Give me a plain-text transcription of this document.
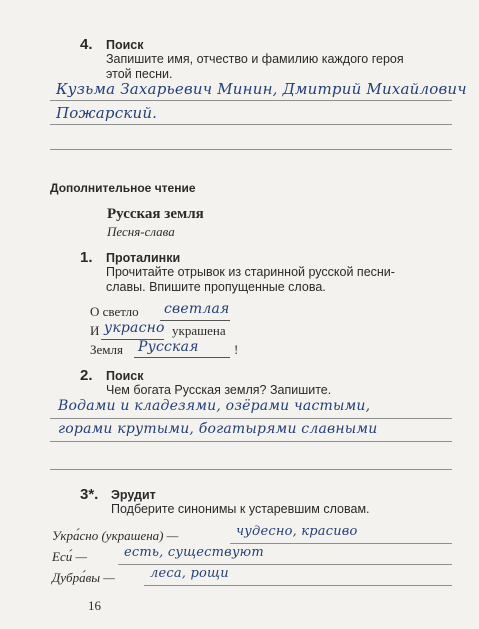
4. Поиск
Запишите имя, отчество и фамилию каждого героя
этой песни.
Кузьма Захарьевич Минин, Дмитрий Михайлович
Пожарский.
Дополнительное чтение
Русская земля
Песня-слава
1. Проталинки
Прочитайте отрывок из старинной русской песни-
славы. Впишите пропущенные слова.
О светло светлая
И украсно украшена
Земля Русская	!
2. Поиск
Чем богата Русская земля? Запишите.
Водами и кладезями, озёрами частыми,
горами крутыми, богатырями славными
3*. Эрудит
Подберите синонимы к устаревшим словам.
Укра́сно (украшена) —	чудесно, красиво
Еси́ —	есть, существуют
Дубра́вы —	леса, рощи
16
